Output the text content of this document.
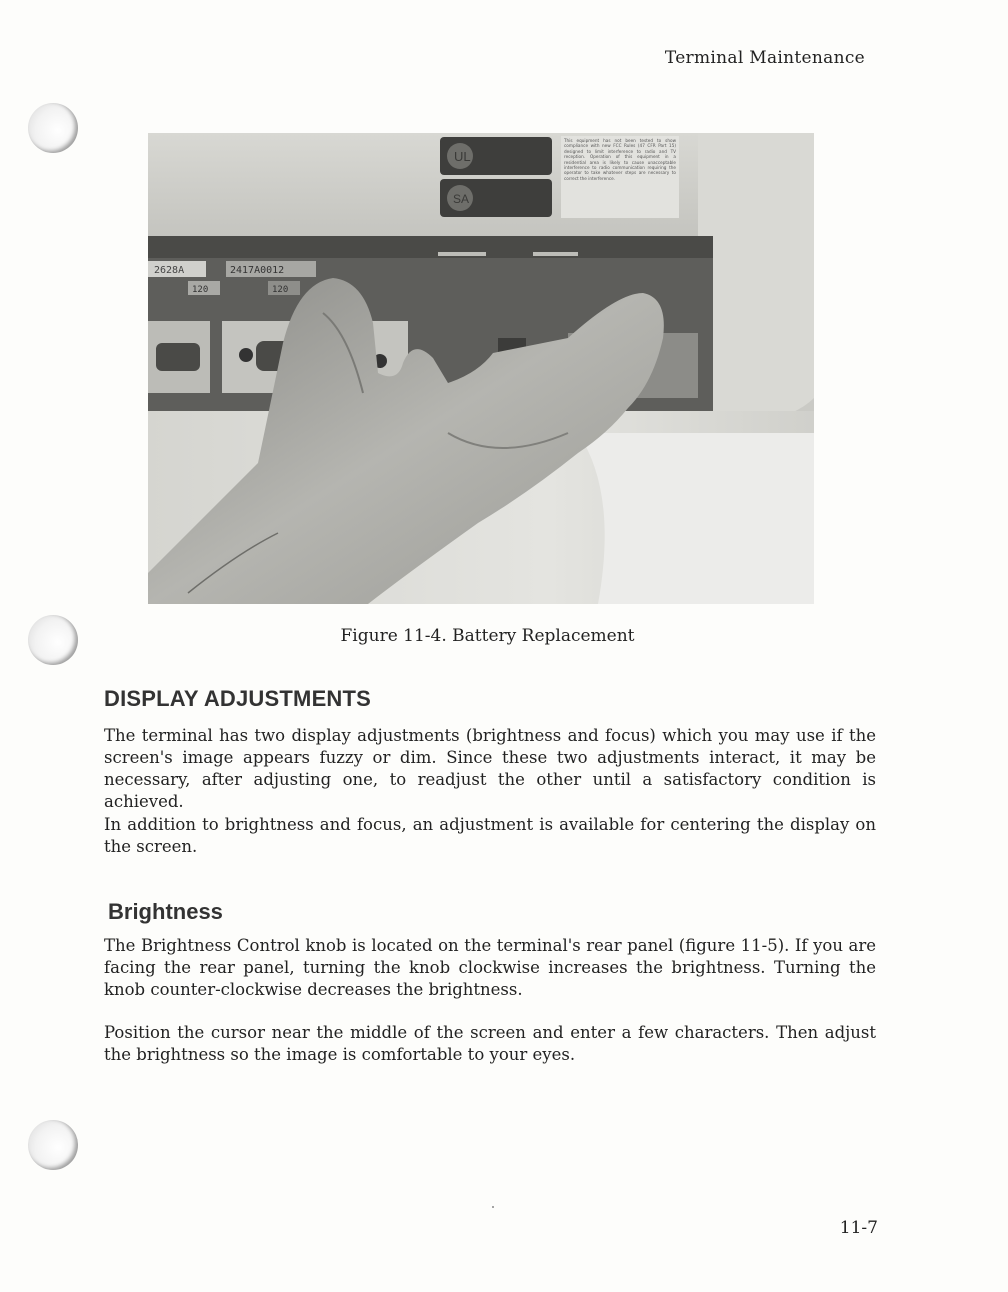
Terminal Maintenance
UL
SA
This equipment has not been tested to show compliance with new FCC Rules (47 CFR Part 15) designed to limit interference to radio and TV reception. Operation of this equipment in a residential area is likely to cause unacceptable interference to radio communication requiring the operator to take whatever steps are necessary to correct the interference.
2628A	2417A0012
120	120
Figure 11-4. Battery Replacement
DISPLAY ADJUSTMENTS

The terminal has two display adjustments (brightness and focus) which you may use if the screen's image appears fuzzy or dim. Since these two adjustments interact, it may be necessary, after adjusting one, to readjust the other until a satisfactory condition is achieved.

In addition to brightness and focus, an adjustment is available for centering the display on the screen.

Brightness

The Brightness Control knob is located on the terminal's rear panel (figure 11-5). If you are facing the rear panel, turning the knob clockwise increases the brightness. Turning the knob counter-clockwise decreases the brightness.

Position the cursor near the middle of the screen and enter a few characters. Then adjust the brightness so the image is comfortable to your eyes.

11-7
